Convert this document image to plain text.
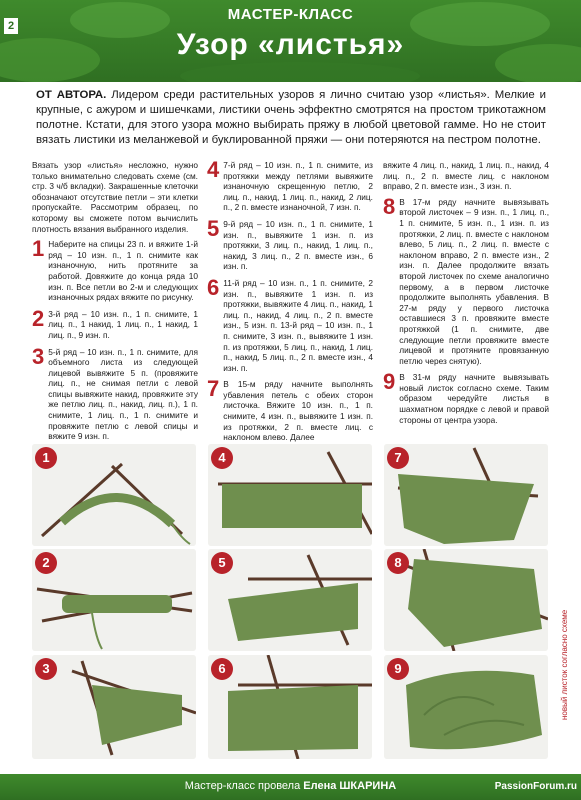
2
МАСТЕР-КЛАСС
Узор «листья»
ОТ АВТОРА. Лидером среди растительных узоров я лично считаю узор «листья». Мелкие и крупные, с ажуром и шишечками, листики очень эффектно смотрятся на простом трикотажном полотне. Кстати, для этого узора можно выбирать пряжу в любой цветовой гамме. Но не стоит вязать листики из меланжевой и буклированной пряжи — они потеряются на пестром полотне.

Вязать узор «листья» несложно, нужно только внимательно следовать схеме (см. стр. 3 ч/б вкладки). Закрашенные клеточки обозначают отсутствие петли – эти клетки пропускайте. Рассмотрим образец, по которому вы сможете потом вычислить плотность вязания выбранного изделия.

1 Наберите на спицы 23 п. и вяжите 1-й ряд – 10 изн. п., 1 п. снимите как изнаночную, нить протяните за работой. Довяжите до конца ряда 10 изн. п. Все петли во 2-м и следующих изнаночных рядах вяжите по рисунку.
2 3-й ряд – 10 изн. п., 1 п. снимите, 1 лиц. п., 1 накид, 1 лиц. п., 1 накид, 1 лиц. п., 9 изн. п.
3 5-й ряд – 10 изн. п., 1 п. снимите, для объемного листа из следующей лицевой вывяжите 5 п. (провяжите лиц. п., не снимая петли с левой спицы вывяжите накид, провяжите эту же петлю лиц. п., накид, лиц. п.), 1 п. снимите, 1 лиц. п., 1 п. снимите и провяжите петлю с левой спицы и вяжите 9 изн. п.
4 7-й ряд – 10 изн. п., 1 п. снимите, из протяжки между петлями вывяжите изнаночную скрещенную петлю, 2 лиц. п., накид, 1 лиц. п., накид, 2 лиц. п., 2 п. вместе изнаночной, 7 изн. п.
5 9-й ряд – 10 изн. п., 1 п. снимите, 1 изн. п., вывяжите 1 изн. п. из протяжки, 3 лиц. п., накид, 1 лиц. п., накид, 3 лиц. п., 2 п. вместе изн., 6 изн. п.
6 11-й ряд – 10 изн. п., 1 п. снимите, 2 изн. п., вывяжите 1 изн. п. из протяжки, вывяжите 4 лиц. п., накид, 1 лиц. п., накид, 4 лиц. п., 2 п. вместе изн., 5 изн. п. 13-й ряд – 10 изн. п., 1 п. снимите, 3 изн. п., вывяжите 1 изн. п. из протяжки, 5 лиц. п., накид, 1 лиц. п., накид, 5 лиц. п., 2 п. вместе изн., 4 изн. п.
7 В 15-м ряду начните выполнять убавления петель с обеих сторон листочка. Вяжите 10 изн. п., 1 п. снимите, 4 изн. п., вывяжите 1 изн. п. из протяжки, 2 п. вместе лиц. с наклоном влево. Далее

вяжите 4 лиц. п., накид, 1 лиц. п., накид, 4 лиц. п., 2 п. вместе лиц. с наклоном вправо, 2 п. вместе изн., 3 изн. п.

8 В 17-м ряду начните вывязывать второй листочек – 9 изн. п., 1 лиц. п., 1 п. снимите, 5 изн. п., 1 изн. п. из протяжки, 2 лиц. п. вместе с наклоном влево, 5 лиц. п., 2 лиц. п. вместе с наклоном вправо, 2 п. вместе изн., 2 изн. п. Далее продолжите вязать второй листочек по схеме аналогично первому, а в первом листочке продолжите выполнять убавления. В 27-м ряду у первого листочка оставшиеся 3 п. провяжите вместе протяжкой (1 п. снимите, две следующие петли провяжите вместе лицевой и протяните провязанную петлю через снятую).
9 В 31-м ряду начните вывязывать новый листок согласно схеме. Таким образом чередуйте листья в шахматном порядке с левой и правой стороны от центра узора.
1
2
3
4
5
6
7
8
9	новый листок согласно схеме
Мастер-класс провела Елена ШКАРИНА	PassionForum.ru
